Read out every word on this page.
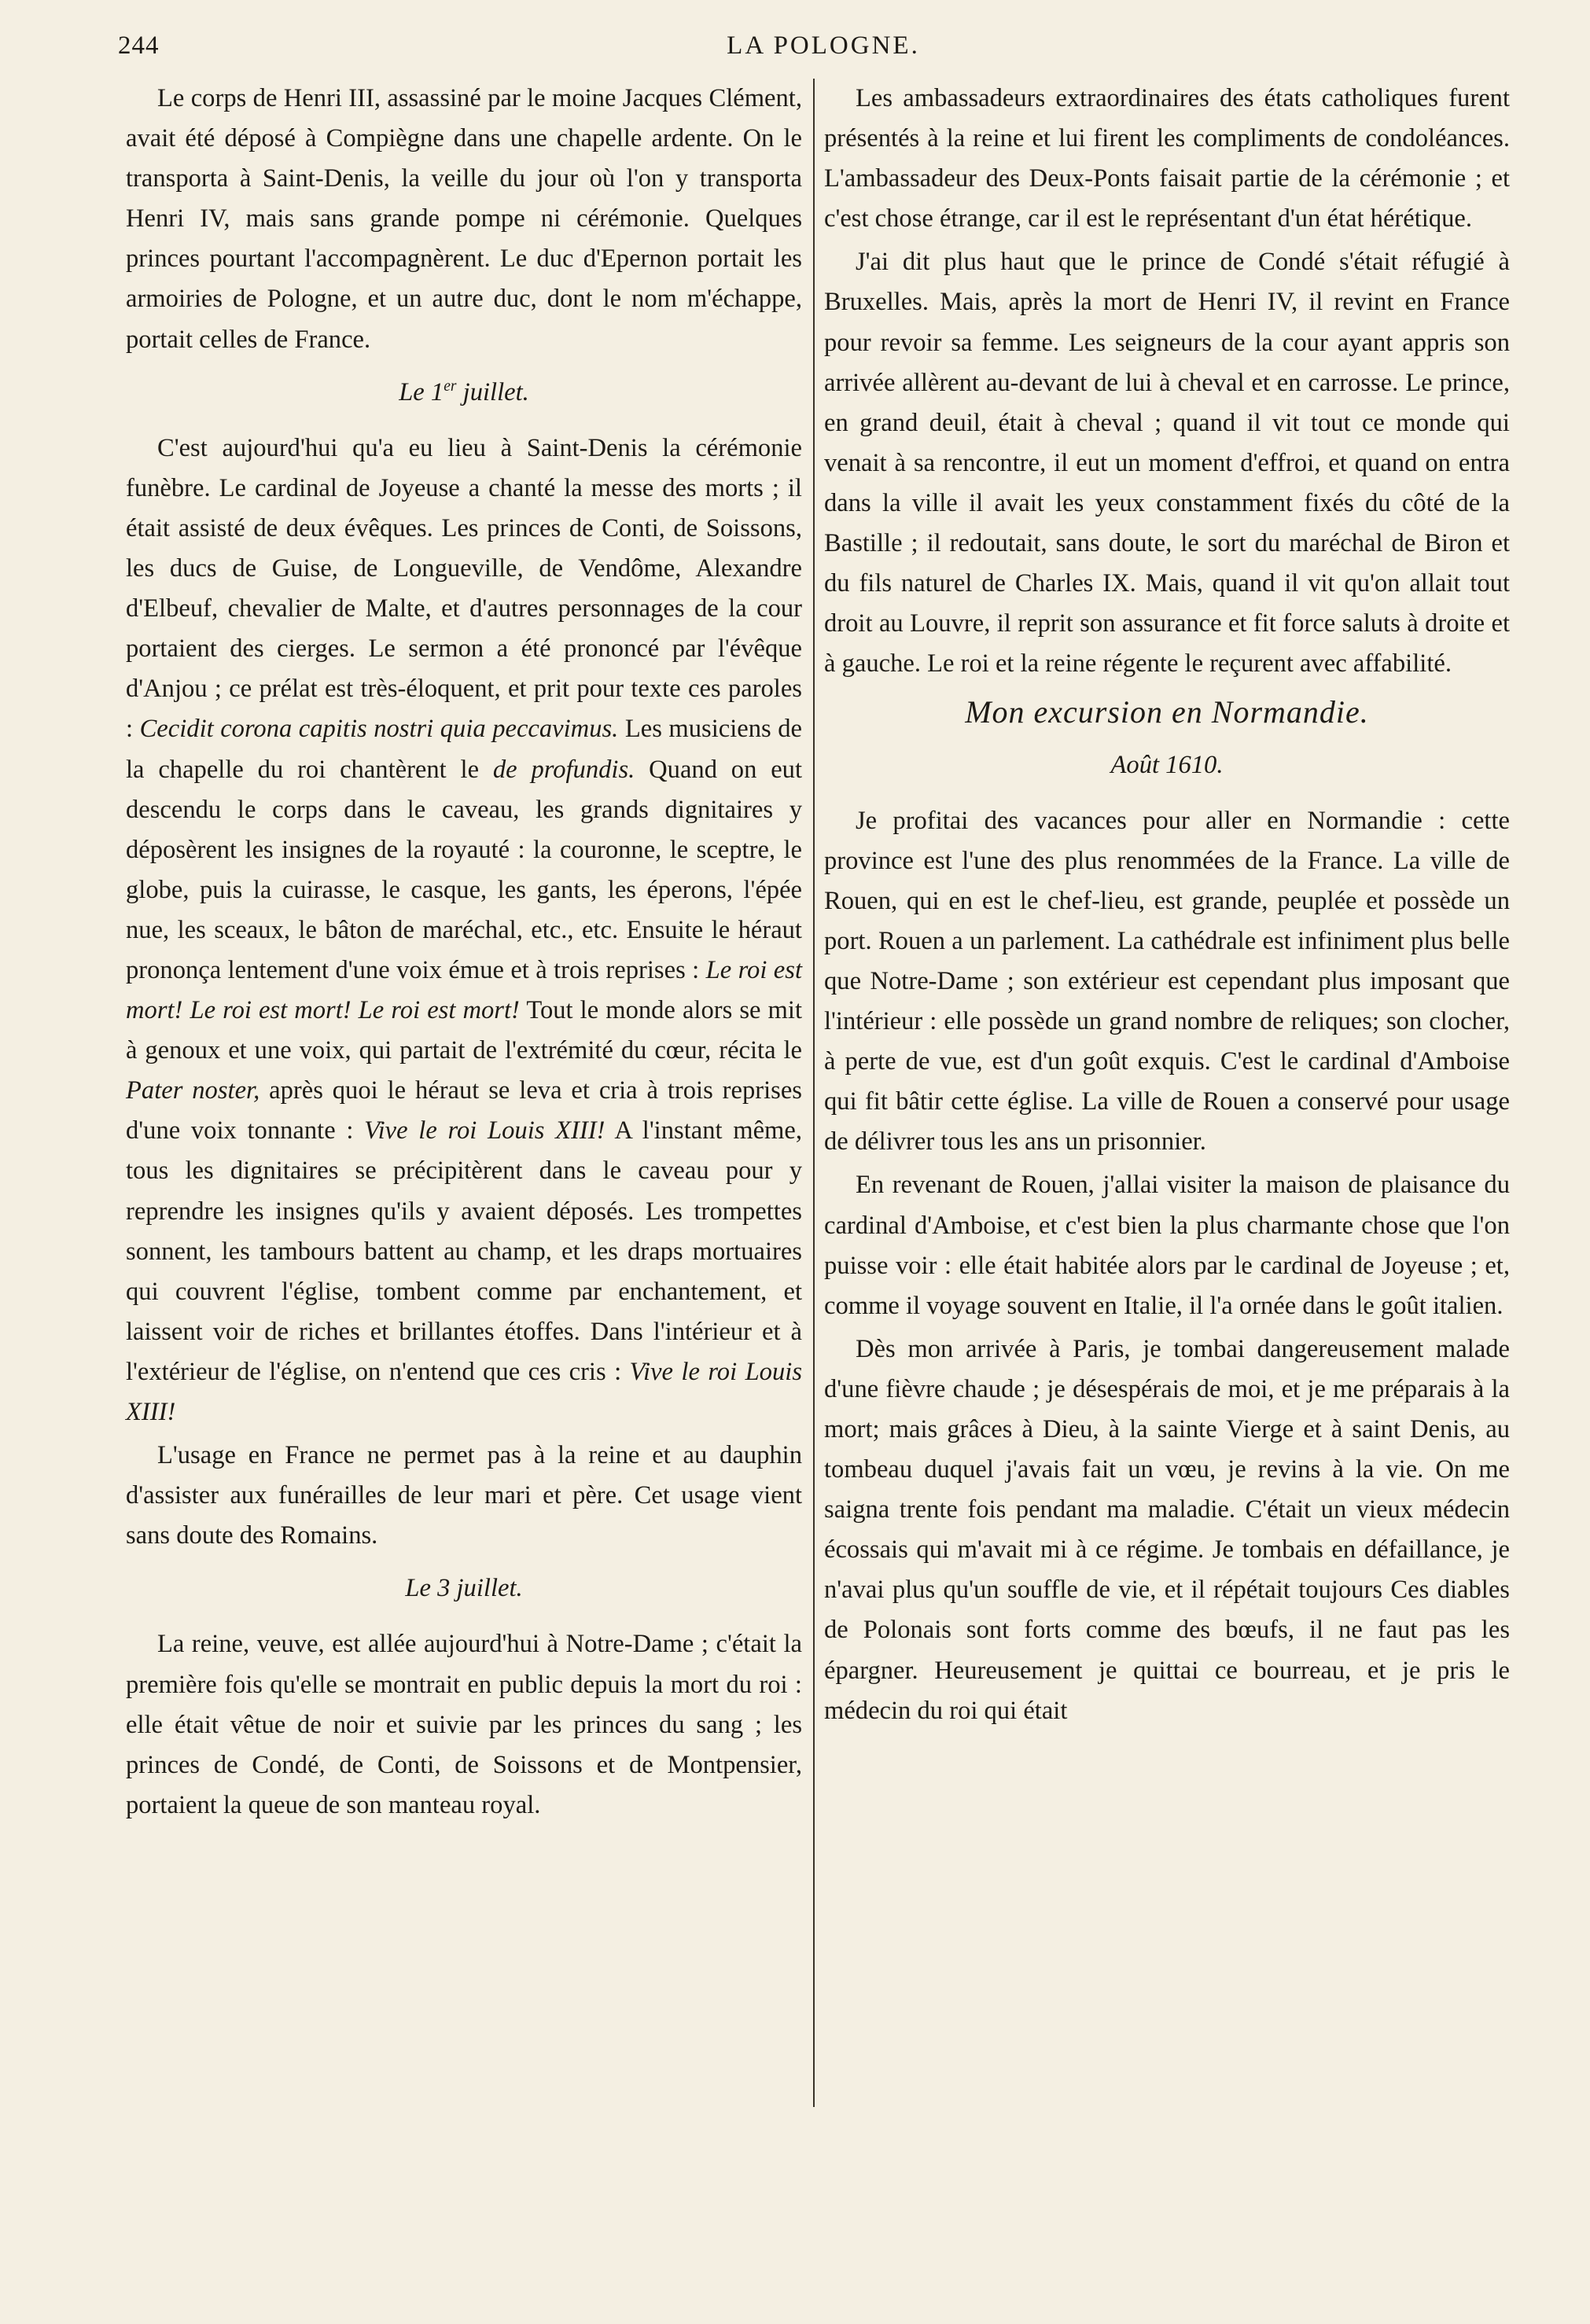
244	LA POLOGNE.

Le corps de Henri III, assassiné par le moine Jacques Clément, avait été déposé à Compiègne dans une chapelle ardente. On le transporta à Saint-Denis, la veille du jour où l'on y transporta Henri IV, mais sans grande pompe ni cérémonie. Quelques princes pourtant l'accompagnèrent. Le duc d'Epernon portait les armoiries de Pologne, et un autre duc, dont le nom m'échappe, portait celles de France.

Le 1er juillet.

C'est aujourd'hui qu'a eu lieu à Saint-Denis la cérémonie funèbre. Le cardinal de Joyeuse a chanté la messe des morts ; il était assisté de deux évêques. Les princes de Conti, de Soissons, les ducs de Guise, de Longueville, de Vendôme, Alexandre d'Elbeuf, chevalier de Malte, et d'autres personnages de la cour portaient des cierges. Le sermon a été prononcé par l'évêque d'Anjou ; ce prélat est très-éloquent, et prit pour texte ces paroles : Cecidit corona capitis nostri quia peccavimus. Les musiciens de la chapelle du roi chantèrent le de profundis. Quand on eut descendu le corps dans le caveau, les grands dignitaires y déposèrent les insignes de la royauté : la couronne, le sceptre, le globe, puis la cuirasse, le casque, les gants, les éperons, l'épée nue, les sceaux, le bâton de maréchal, etc., etc. Ensuite le héraut prononça lentement d'une voix émue et à trois reprises : Le roi est mort! Le roi est mort! Le roi est mort! Tout le monde alors se mit à genoux et une voix, qui partait de l'extrémité du cœur, récita le Pater noster, après quoi le héraut se leva et cria à trois reprises d'une voix tonnante : Vive le roi Louis XIII! A l'instant même, tous les dignitaires se précipitèrent dans le caveau pour y reprendre les insignes qu'ils y avaient déposés. Les trompettes sonnent, les tambours battent au champ, et les draps mortuaires qui couvrent l'église, tombent comme par enchantement, et laissent voir de riches et brillantes étoffes. Dans l'intérieur et à l'extérieur de l'église, on n'entend que ces cris : Vive le roi Louis XIII!

L'usage en France ne permet pas à la reine et au dauphin d'assister aux funérailles de leur mari et père. Cet usage vient sans doute des Romains.

Le 3 juillet.

La reine, veuve, est allée aujourd'hui à Notre-Dame ; c'était la première fois qu'elle se montrait en public depuis la mort du roi : elle était vêtue de noir et suivie par les princes du sang ; les princes de Condé, de Conti, de Soissons et de Montpensier, portaient la queue de son manteau royal.

Les ambassadeurs extraordinaires des états catholiques furent présentés à la reine et lui firent les compliments de condoléances. L'ambassadeur des Deux-Ponts faisait partie de la cérémonie ; et c'est chose étrange, car il est le représentant d'un état hérétique.

J'ai dit plus haut que le prince de Condé s'était réfugié à Bruxelles. Mais, après la mort de Henri IV, il revint en France pour revoir sa femme. Les seigneurs de la cour ayant appris son arrivée allèrent au-devant de lui à cheval et en carrosse. Le prince, en grand deuil, était à cheval ; quand il vit tout ce monde qui venait à sa rencontre, il eut un moment d'effroi, et quand on entra dans la ville il avait les yeux constamment fixés du côté de la Bastille ; il redoutait, sans doute, le sort du maréchal de Biron et du fils naturel de Charles IX. Mais, quand il vit qu'on allait tout droit au Louvre, il reprit son assurance et fit force saluts à droite et à gauche. Le roi et la reine régente le reçurent avec affabilité.

Mon excursion en Normandie.

Août 1610.

Je profitai des vacances pour aller en Normandie : cette province est l'une des plus renommées de la France. La ville de Rouen, qui en est le chef-lieu, est grande, peuplée et possède un port. Rouen a un parlement. La cathédrale est infiniment plus belle que Notre-Dame ; son extérieur est cependant plus imposant que l'intérieur : elle possède un grand nombre de reliques; son clocher, à perte de vue, est d'un goût exquis. C'est le cardinal d'Amboise qui fit bâtir cette église. La ville de Rouen a conservé pour usage de délivrer tous les ans un prisonnier.

En revenant de Rouen, j'allai visiter la maison de plaisance du cardinal d'Amboise, et c'est bien la plus charmante chose que l'on puisse voir : elle était habitée alors par le cardinal de Joyeuse ; et, comme il voyage souvent en Italie, il l'a ornée dans le goût italien.

Dès mon arrivée à Paris, je tombai dangereusement malade d'une fièvre chaude ; je désespérais de moi, et je me préparais à la mort; mais grâces à Dieu, à la sainte Vierge et à saint Denis, au tombeau duquel j'avais fait un vœu, je revins à la vie. On me saigna trente fois pendant ma maladie. C'était un vieux médecin écossais qui m'avait mi à ce régime. Je tombais en défaillance, je n'avai plus qu'un souffle de vie, et il répétait toujours Ces diables de Polonais sont forts comme des bœufs, il ne faut pas les épargner. Heureusement je quittai ce bourreau, et je pris le médecin du roi qui était
